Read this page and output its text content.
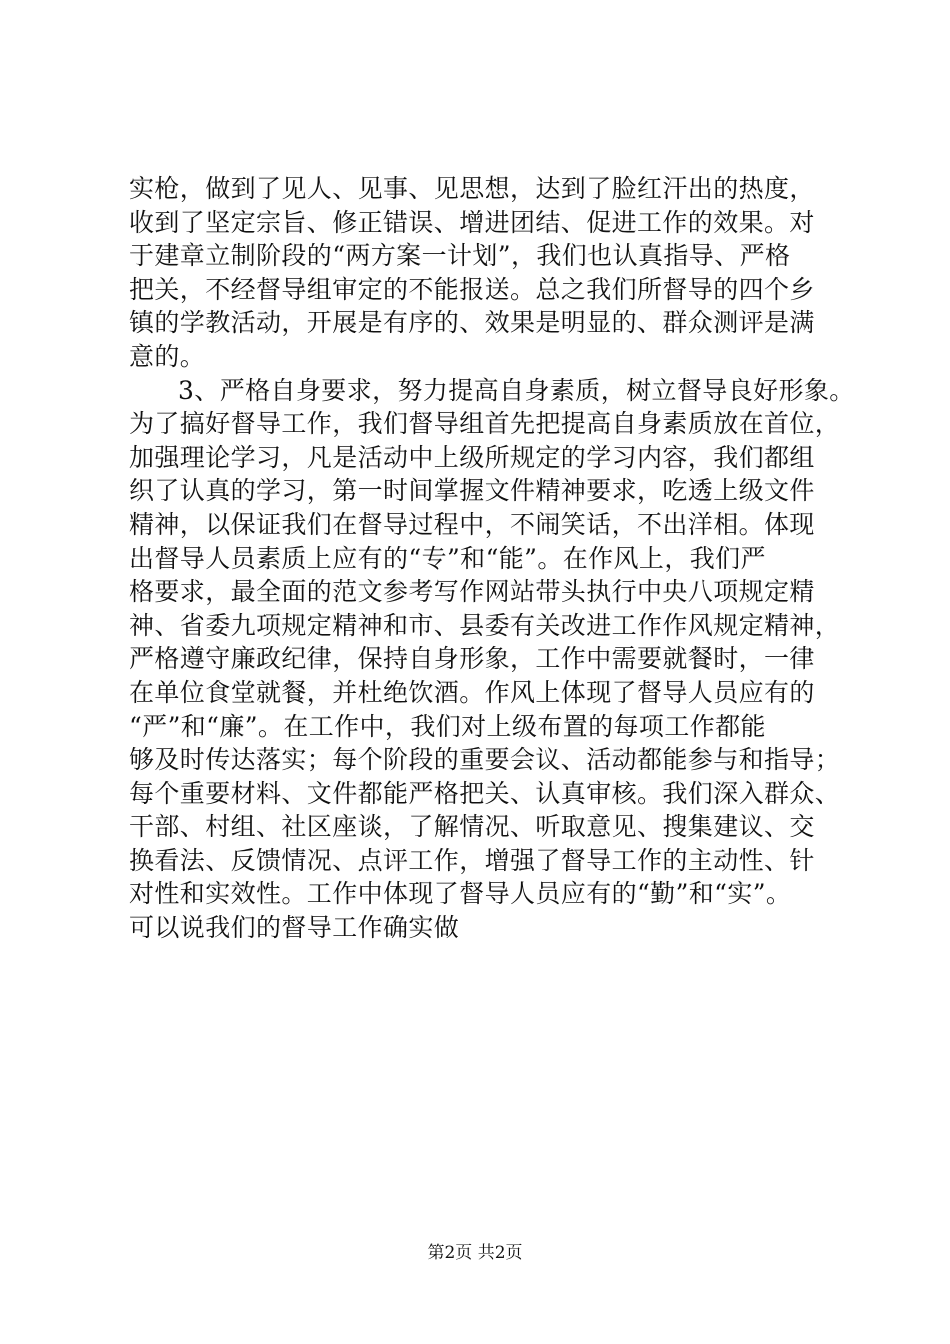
实枪，做到了见人、见事、见思想，达到了脸红汗出的热度，
收到了坚定宗旨、修正错误、增进团结、促进工作的效果。对
于建章立制阶段的“两方案一计划”，我们也认真指导、严格
把关，不经督导组审定的不能报送。总之我们所督导的四个乡
镇的学教活动，开展是有序的、效果是明显的、群众测评是满
意的。
3、严格自身要求，努力提高自身素质，树立督导良好形象。
为了搞好督导工作，我们督导组首先把提高自身素质放在首位，
加强理论学习，凡是活动中上级所规定的学习内容，我们都组
织了认真的学习，第一时间掌握文件精神要求，吃透上级文件
精神，以保证我们在督导过程中，不闹笑话，不出洋相。体现
出督导人员素质上应有的“专”和“能”。在作风上，我们严
格要求，最全面的范文参考写作网站带头执行中央八项规定精
神、省委九项规定精神和市、县委有关改进工作作风规定精神，
严格遵守廉政纪律，保持自身形象，工作中需要就餐时，一律
在单位食堂就餐，并杜绝饮酒。作风上体现了督导人员应有的
“严”和“廉”。在工作中，我们对上级布置的每项工作都能
够及时传达落实；每个阶段的重要会议、活动都能参与和指导；
每个重要材料、文件都能严格把关、认真审核。我们深入群众、
干部、村组、社区座谈，了解情况、听取意见、搜集建议、交
换看法、反馈情况、点评工作，增强了督导工作的主动性、针
对性和实效性。工作中体现了督导人员应有的“勤”和“实”。
可以说我们的督导工作确实做
第2页 共2页
